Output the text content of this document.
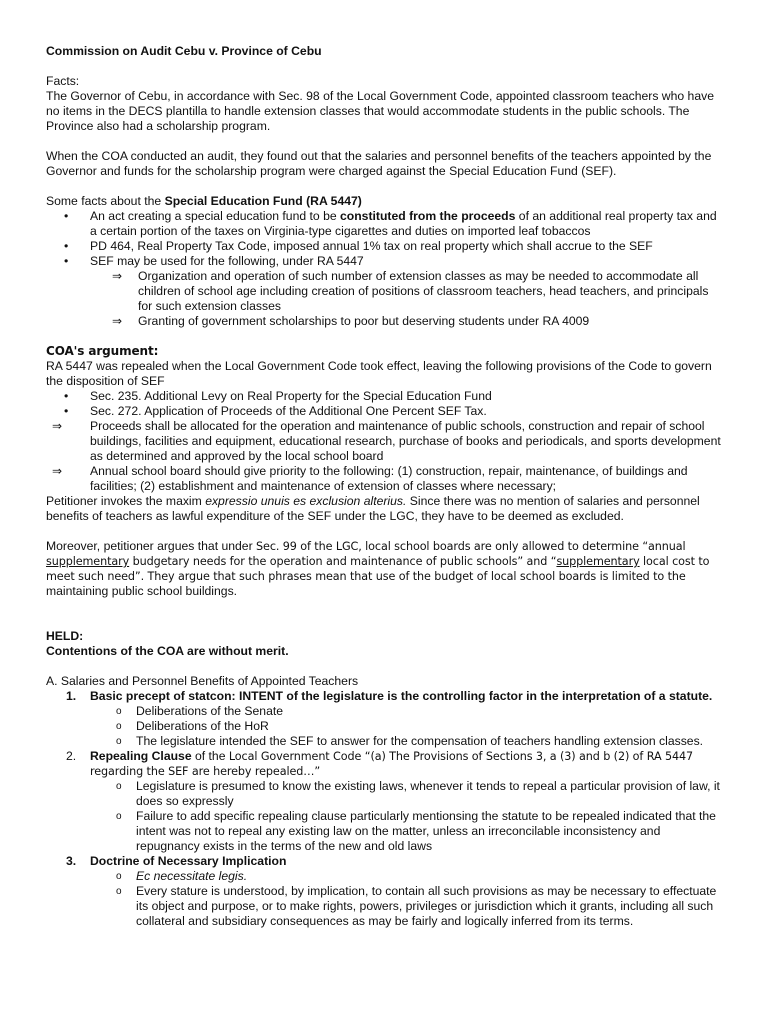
Commission on Audit Cebu v. Province of Cebu

Facts:

The Governor of Cebu, in accordance with Sec. 98 of the Local Government Code, appointed classroom teachers who have no items in the DECS plantilla to handle extension classes that would accommodate students in the public schools. The Province also had a scholarship program.

When the COA conducted an audit, they found out that the salaries and personnel benefits of the teachers appointed by the Governor and funds for the scholarship program were charged against the Special Education Fund (SEF).

Some facts about the Special Education Fund (RA 5447)

• An act creating a special education fund to be constituted from the proceeds of an additional real property tax and a certain portion of the taxes on Virginia-type cigarettes and duties on imported leaf tobaccos
• PD 464, Real Property Tax Code, imposed annual 1% tax on real property which shall accrue to the SEF
• SEF may be used for the following, under RA 5447
⇒ Organization and operation of such number of extension classes as may be needed to accommodate all children of school age including creation of positions of classroom teachers, head teachers, and principals for such extension classes
⇒ Granting of government scholarships to poor but deserving students under RA 4009

COA's argument:

RA 5447 was repealed when the Local Government Code took effect, leaving the following provisions of the Code to govern the disposition of SEF

• Sec. 235. Additional Levy on Real Property for the Special Education Fund
• Sec. 272. Application of Proceeds of the Additional One Percent SEF Tax.
⇒ Proceeds shall be allocated for the operation and maintenance of public schools, construction and repair of school buildings, facilities and equipment, educational research, purchase of books and periodicals, and sports development as determined and approved by the local school board
⇒ Annual school board should give priority to the following: (1) construction, repair, maintenance, of buildings and facilities; (2) establishment and maintenance of extension of classes where necessary;

Petitioner invokes the maxim expressio unuis es exclusion alterius. Since there was no mention of salaries and personnel benefits of teachers as lawful expenditure of the SEF under the LGC, they have to be deemed as excluded.

Moreover, petitioner argues that under Sec. 99 of the LGC, local school boards are only allowed to determine “annual supplementary budgetary needs for the operation and maintenance of public schools” and “supplementary local cost to meet such need”. They argue that such phrases mean that use of the budget of local school boards is limited to the maintaining public school buildings.

HELD:

Contentions of the COA are without merit.

A. Salaries and Personnel Benefits of Appointed Teachers

1. Basic precept of statcon: INTENT of the legislature is the controlling factor in the interpretation of a statute.
o Deliberations of the Senate
o Deliberations of the HoR
o The legislature intended the SEF to answer for the compensation of teachers handling extension classes.
2. Repealing Clause of the Local Government Code “(a) The Provisions of Sections 3, a (3) and b (2) of RA 5447 regarding the SEF are hereby repealed…”
o Legislature is presumed to know the existing laws, whenever it tends to repeal a particular provision of law, it does so expressly
o Failure to add specific repealing clause particularly mentionsing the statute to be repealed indicated that the intent was not to repeal any existing law on the matter, unless an irreconcilable inconsistency and repugnancy exists in the terms of the new and old laws
3. Doctrine of Necessary Implication
o Ec necessitate legis.
o Every stature is understood, by implication, to contain all such provisions as may be necessary to effectuate its object and purpose, or to make rights, powers, privileges or jurisdiction which it grants, including all such collateral and subsidiary consequences as may be fairly and logically inferred from its terms.
